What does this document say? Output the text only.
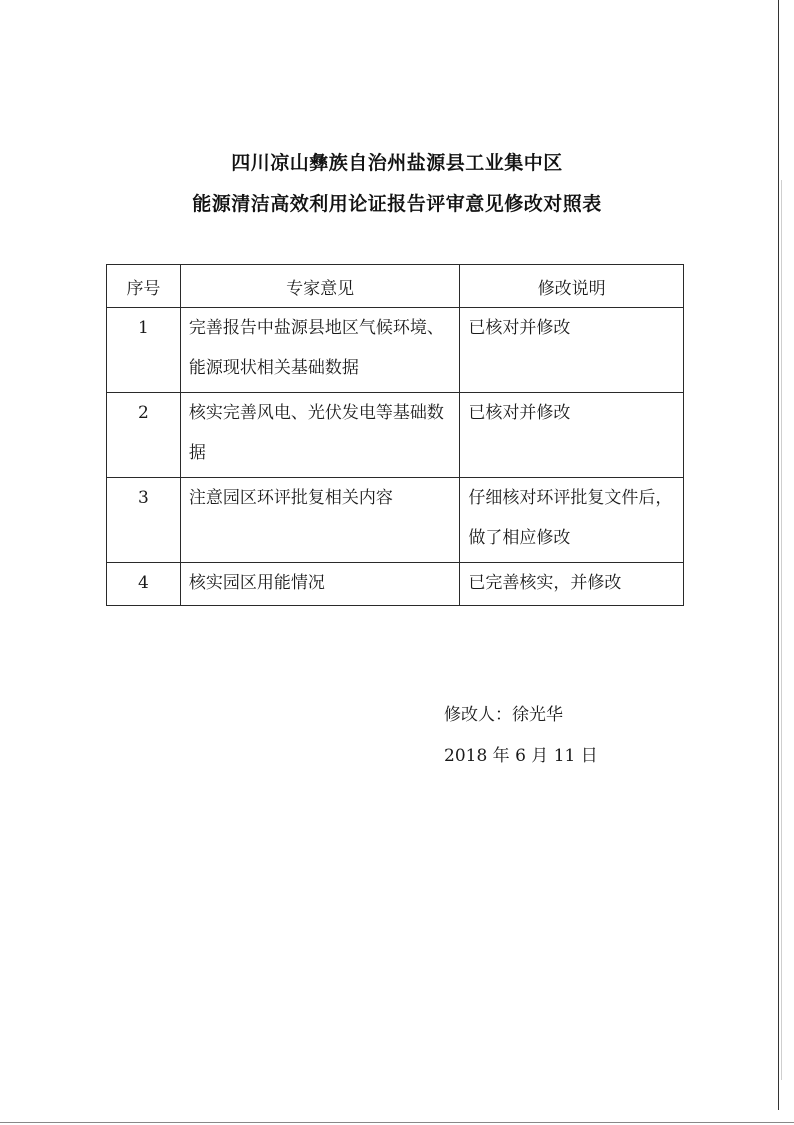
四川凉山彝族自治州盐源县工业集中区
能源清洁高效利用论证报告评审意见修改对照表
序号	专家意见	修改说明
1	完善报告中盐源县地区气候环境、能源现状相关基础数据	已核对并修改
2	核实完善风电、光伏发电等基础数据	已核对并修改
3	注意园区环评批复相关内容	仔细核对环评批复文件后，做了相应修改
4	核实园区用能情况	已完善核实，并修改
修改人：徐光华
2018 年 6 月 11 日
